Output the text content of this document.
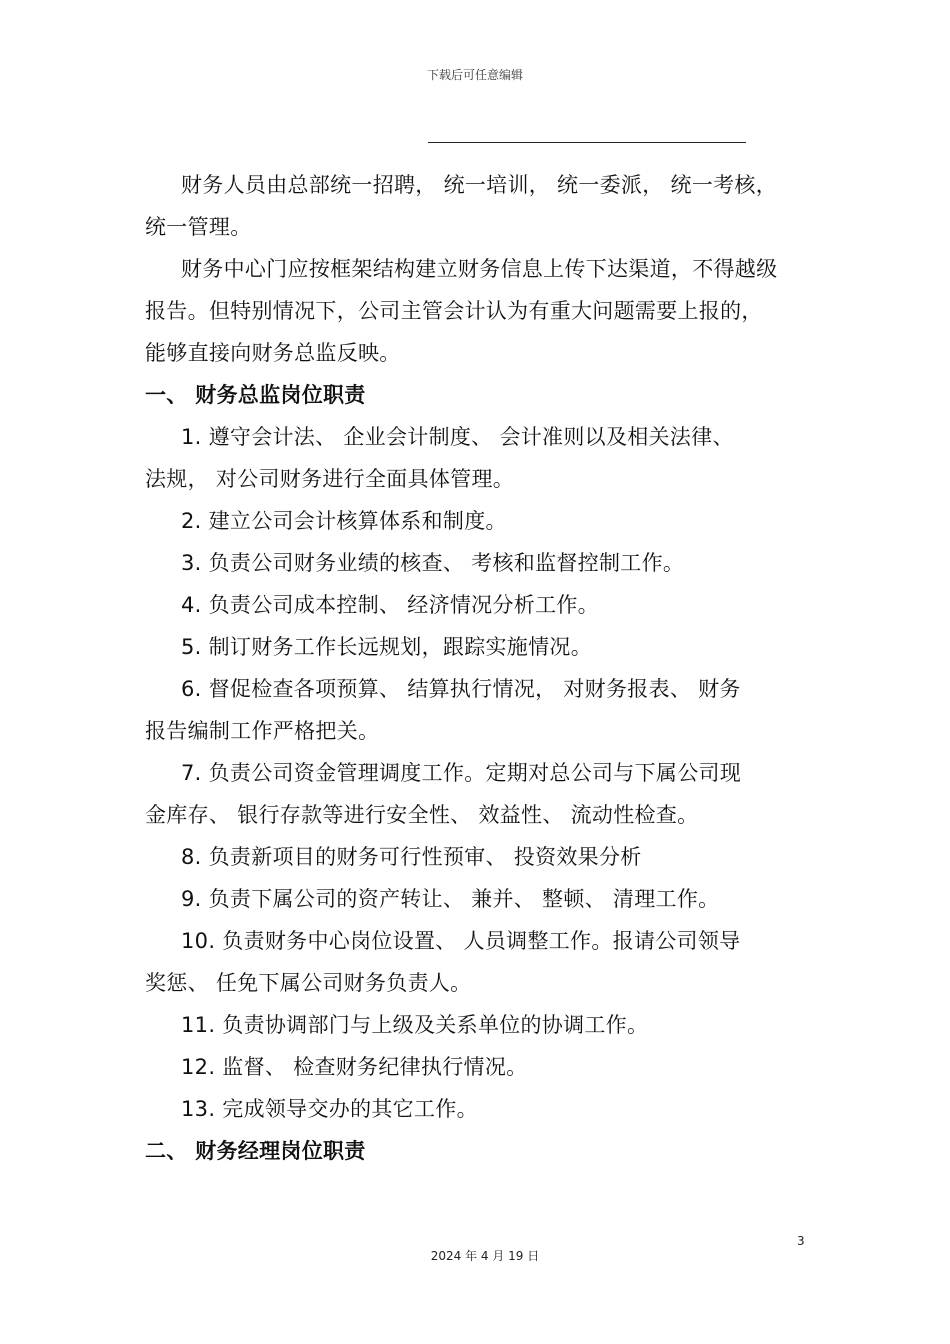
下载后可任意编辑
财务人员由总部统一招聘， 统一培训， 统一委派， 统一考核，
统一管理。
财务中心门应按框架结构建立财务信息上传下达渠道，不得越级
报告。但特别情况下，公司主管会计认为有重大问题需要上报的，
能够直接向财务总监反映。
一、 财务总监岗位职责
1. 遵守会计法、 企业会计制度、 会计准则以及相关法律、
法规， 对公司财务进行全面具体管理。
2. 建立公司会计核算体系和制度。
3. 负责公司财务业绩的核查、 考核和监督控制工作。
4. 负责公司成本控制、 经济情况分析工作。
5. 制订财务工作长远规划，跟踪实施情况。
6. 督促检查各项预算、 结算执行情况， 对财务报表、 财务
报告编制工作严格把关。
7. 负责公司资金管理调度工作。定期对总公司与下属公司现
金库存、 银行存款等进行安全性、 效益性、 流动性检查。
8. 负责新项目的财务可行性预审、 投资效果分析
9. 负责下属公司的资产转让、 兼并、 整顿、 清理工作。
10. 负责财务中心岗位设置、 人员调整工作。报请公司领导
奖惩、 任免下属公司财务负责人。
11. 负责协调部门与上级及关系单位的协调工作。
12. 监督、 检查财务纪律执行情况。
13. 完成领导交办的其它工作。
二、 财务经理岗位职责
3
2024 年 4 月 19 日
